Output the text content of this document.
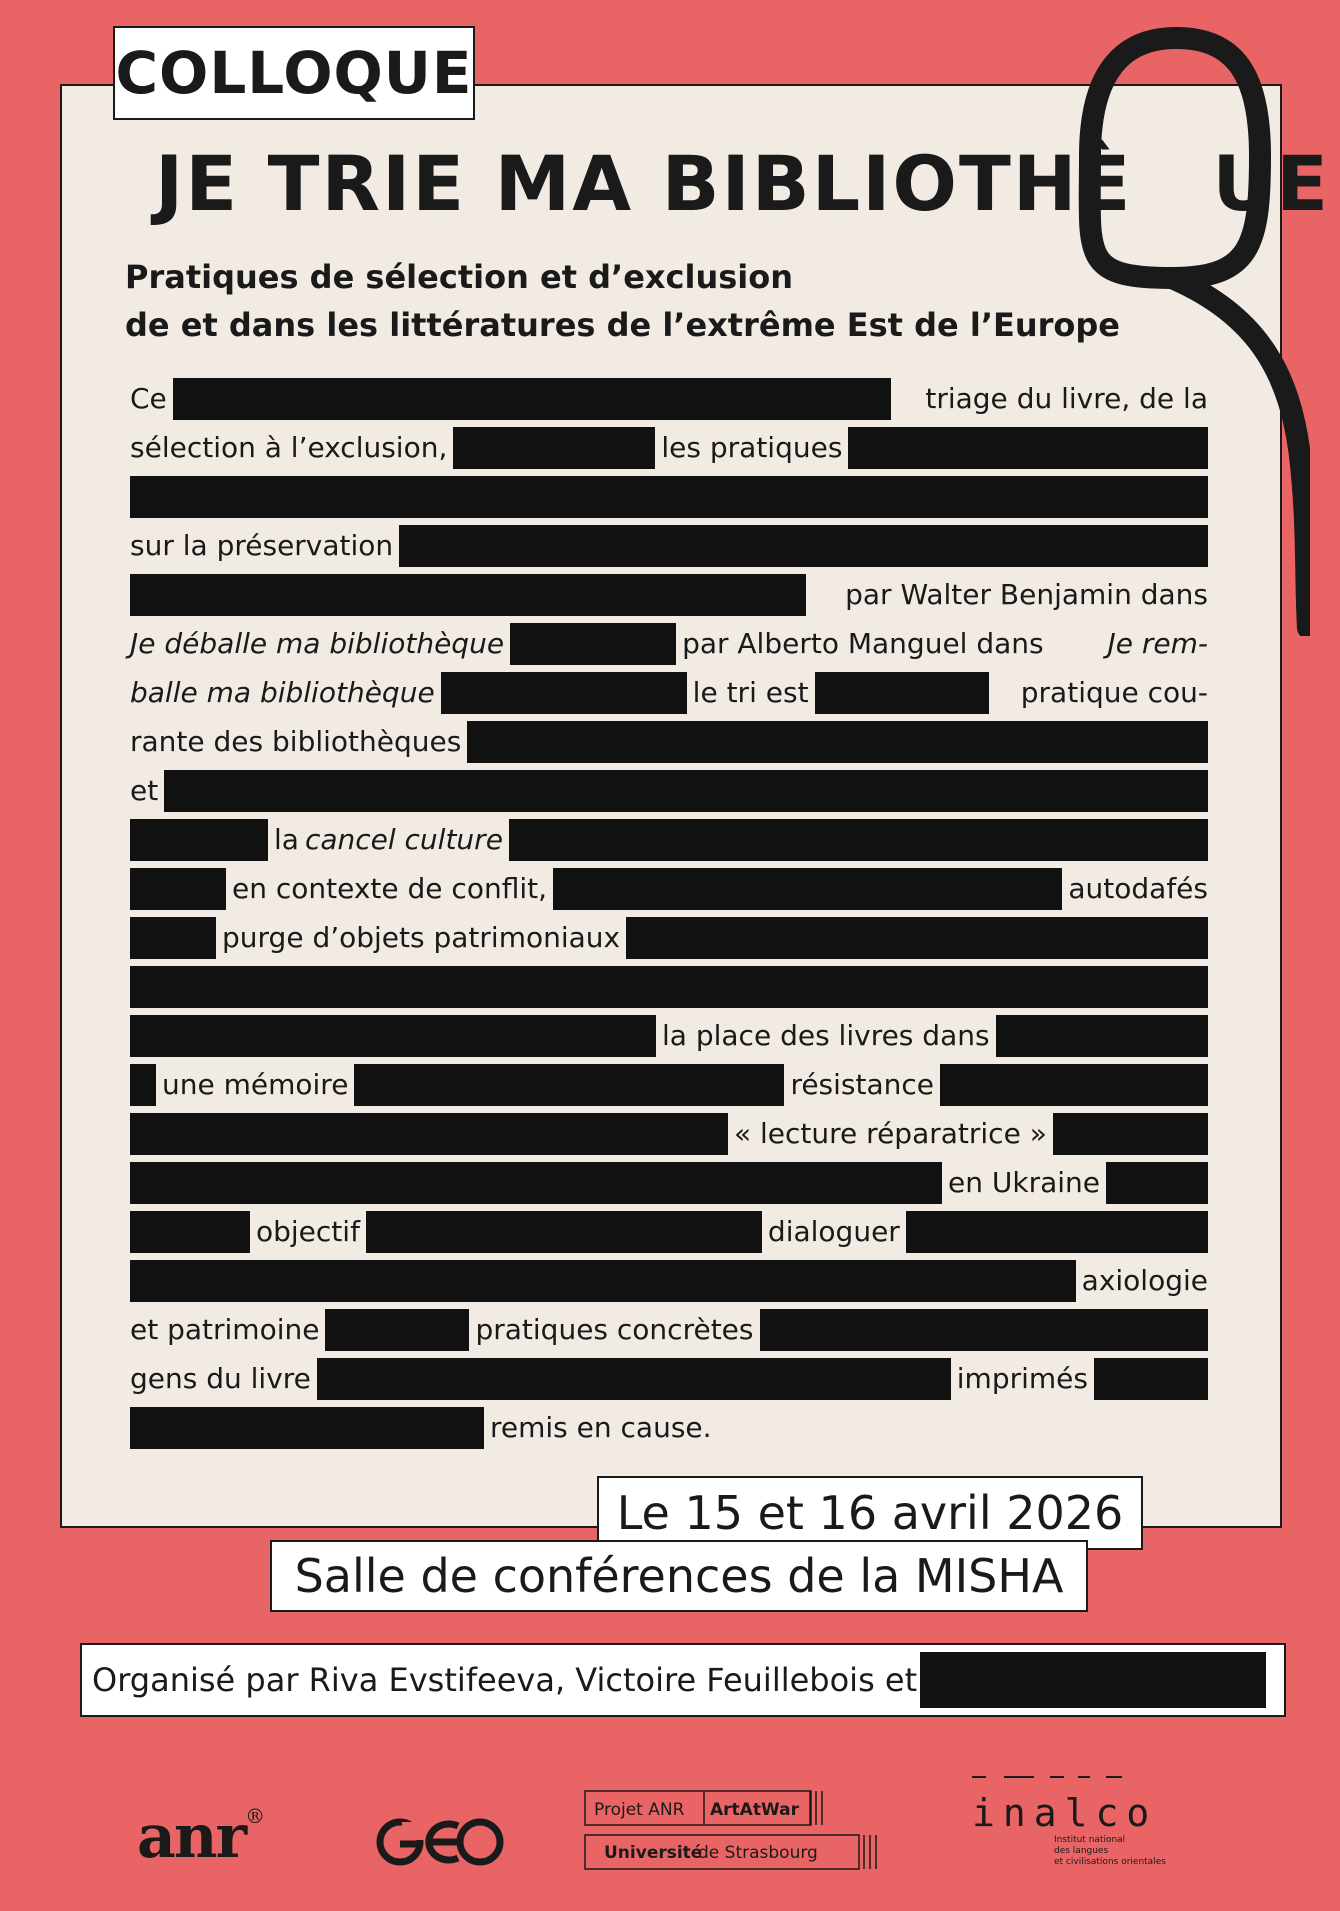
COLLOQUE
JE TRIE MA BIBLIOTHÈ UE
Pratiques de sélection et d’exclusion
de et dans les littératures de l’extrême Est de l’Europe
Ce	triage du livre, de la
sélection à l’exclusion,	les pratiques
sur la préservation
par Walter Benjamin dans
Je déballe ma bibliothèque	par Alberto Manguel dans Je rem-
balle ma bibliothèque	le tri est	pratique cou-
rante des bibliothèques
et
la cancel culture
en contexte de conflit,	autodafés
purge d’objets patrimoniaux
la place des livres dans
une mémoire	résistance
« lecture réparatrice »
en Ukraine
objectif	dialoguer
axiologie
et patrimoine	pratiques concrètes
gens du livre	imprimés
remis en cause.
Le 15 et 16 avril 2026
Salle de conférences de la MISHA
Organisé par Riva Evstifeeva, Victoire Feuillebois et
anr®	Projet ANR ArtAtWar
Université
de Strasbourg
inalco
Institut national
des langues
et civilisations orientales
